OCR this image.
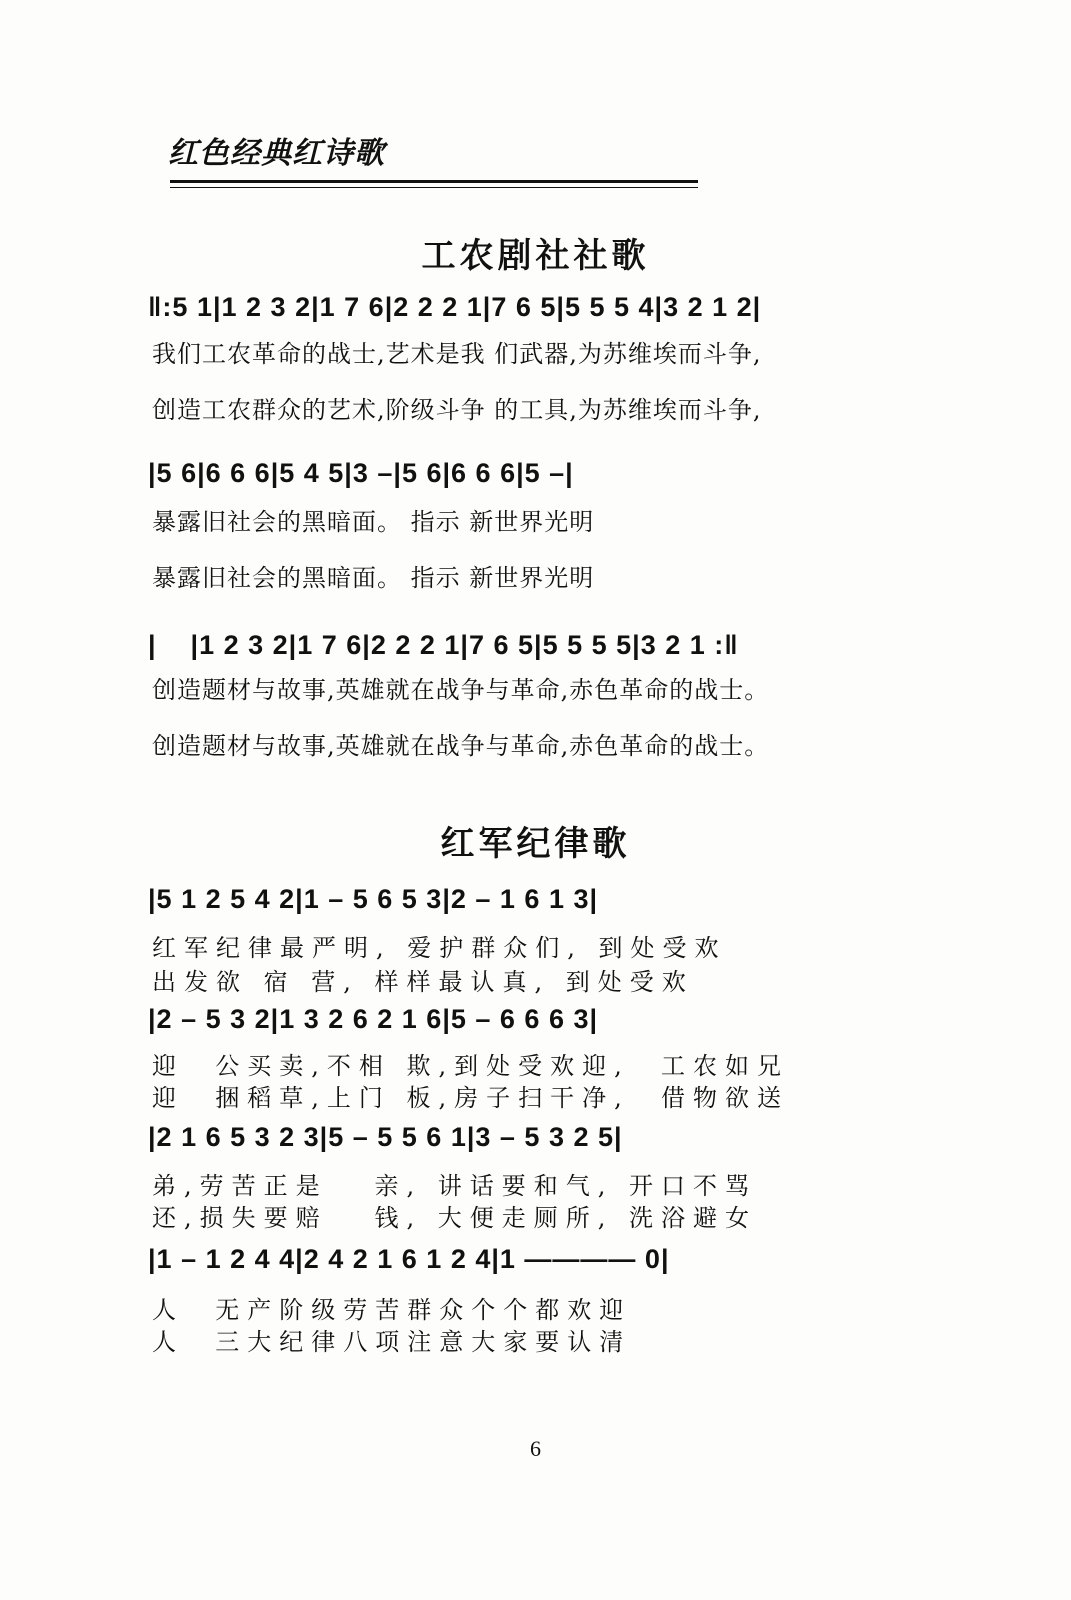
红色经典红诗歌
工农剧社社歌
‖:5 1|1 2 3 2|1 7 6|2 2 2 1|7 6 5|5 5 5 4|3 2 1 2|
我们工农革命的战士,艺术是我 们武器,为苏维埃而斗争,
创造工农群众的艺术,阶级斗争 的工具,为苏维埃而斗争,
|5 6|6 6 6|5 4 5|3 –|5 6|6 6 6|5 –|
暴露旧社会的黑暗面。 指示 新世界光明
暴露旧社会的黑暗面。 指示 新世界光明
|    |1 2 3 2|1 7 6|2 2 2 1|7 6 5|5 5 5 5|3 2 1 :‖
创造题材与故事,英雄就在战争与革命,赤色革命的战士。
创造题材与故事,英雄就在战争与革命,赤色革命的战士。
红军纪律歌
|5 1 2 5 4 2|1 – 5 6 5 3|2 – 1 6 1 3|
红军纪律最严明, 爱护群众们, 到处受欢
出发欲 宿 营, 样样最认真, 到处受欢
|2 – 5 3 2|1 3 2 6 2 1 6|5 – 6 6 6 3|
迎  公买卖,不相 欺,到处受欢迎,  工农如兄
迎  捆稻草,上门 板,房子扫干净,  借物欲送
|2 1 6 5 3 2 3|5 – 5 5 6 1|3 – 5 3 2 5|
弟,劳苦正是   亲, 讲话要和气, 开口不骂
还,损失要赔   钱, 大便走厕所, 洗浴避女
|1 – 1 2 4 4|2 4 2 1 6 1 2 4|1 ———— 0|
人  无产阶级劳苦群众个个都欢迎
人  三大纪律八项注意大家要认清
6
